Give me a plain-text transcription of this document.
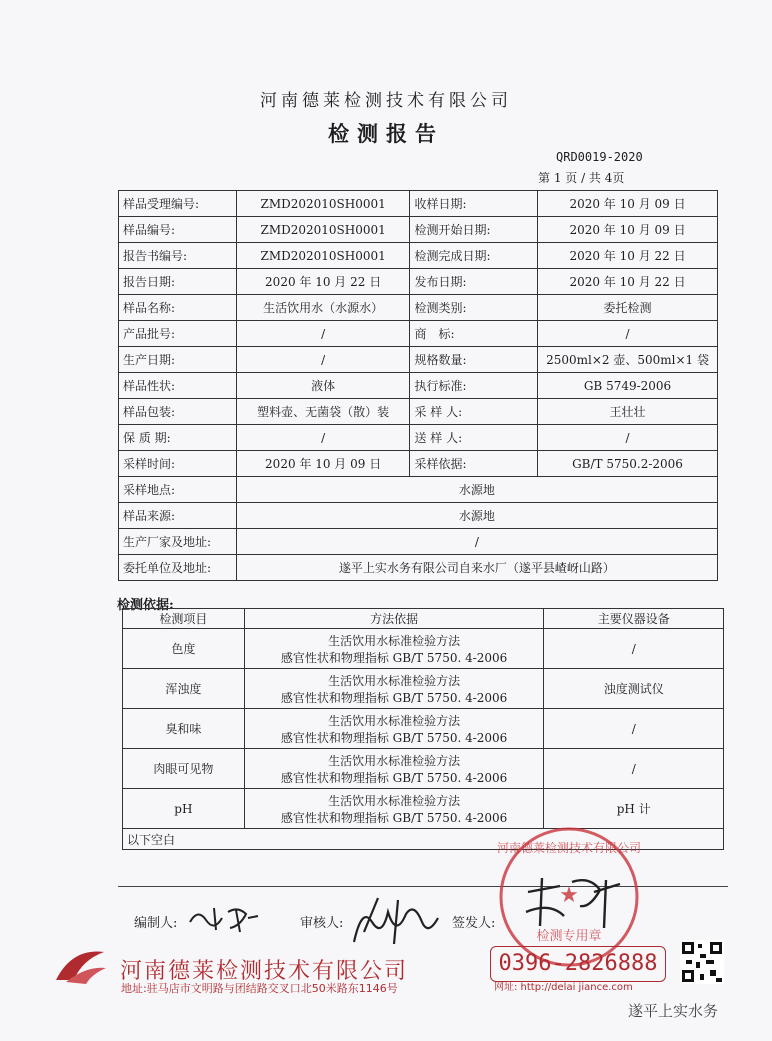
河南德莱检测技术有限公司
检测报告
QRD0019-2020
第 1 页 / 共 4页
样品受理编号:	ZMD202010SH0001	收样日期:	2020 年 10 月 09 日
样品编号:	ZMD202010SH0001	检测开始日期:	2020 年 10 月 09 日
报告书编号:	ZMD202010SH0001	检测完成日期:	2020 年 10 月 22 日
报告日期:	2020 年 10 月 22 日	发布日期:	2020 年 10 月 22 日
样品名称:	生活饮用水（水源水）	检测类别:	委托检测
产品批号:	/	商　标:	/
生产日期:	/	规格数量:	2500ml×2 壶、500ml×1 袋
样品性状:	液体	执行标准:	GB 5749-2006
样品包装:	塑料壶、无菌袋（散）装	采 样 人:	王壮壮
保 质 期:	/	送 样 人:	/
采样时间:	2020 年 10 月 09 日	采样依据:	GB/T 5750.2-2006
采样地点:	水源地		
样品来源:	水源地		
生产厂家及地址:	/		
委托单位及地址:	遂平上实水务有限公司自来水厂（遂平县嵖岈山路）		
检测依据:
检测项目	方法依据	主要仪器设备
色度	生活饮用水标准检验方法
感官性状和物理指标 GB/T 5750. 4-2006	/
浑浊度	生活饮用水标准检验方法
感官性状和物理指标 GB/T 5750. 4-2006	浊度测试仪
臭和味	生活饮用水标准检验方法
感官性状和物理指标 GB/T 5750. 4-2006	/
肉眼可见物	生活饮用水标准检验方法
感官性状和物理指标 GB/T 5750. 4-2006	/
pH	生活饮用水标准检验方法
感官性状和物理指标 GB/T 5750. 4-2006	pH 计
以下空白		
编制人:	审核人:	签发人:
河南德莱检测技术有限公司
★
检测专用章
河南德莱检测技术有限公司
地址:驻马店市文明路与团结路交叉口北50米路东1146号
0396-2826888
网址: http://delai jiance.com
遂平上实水务
